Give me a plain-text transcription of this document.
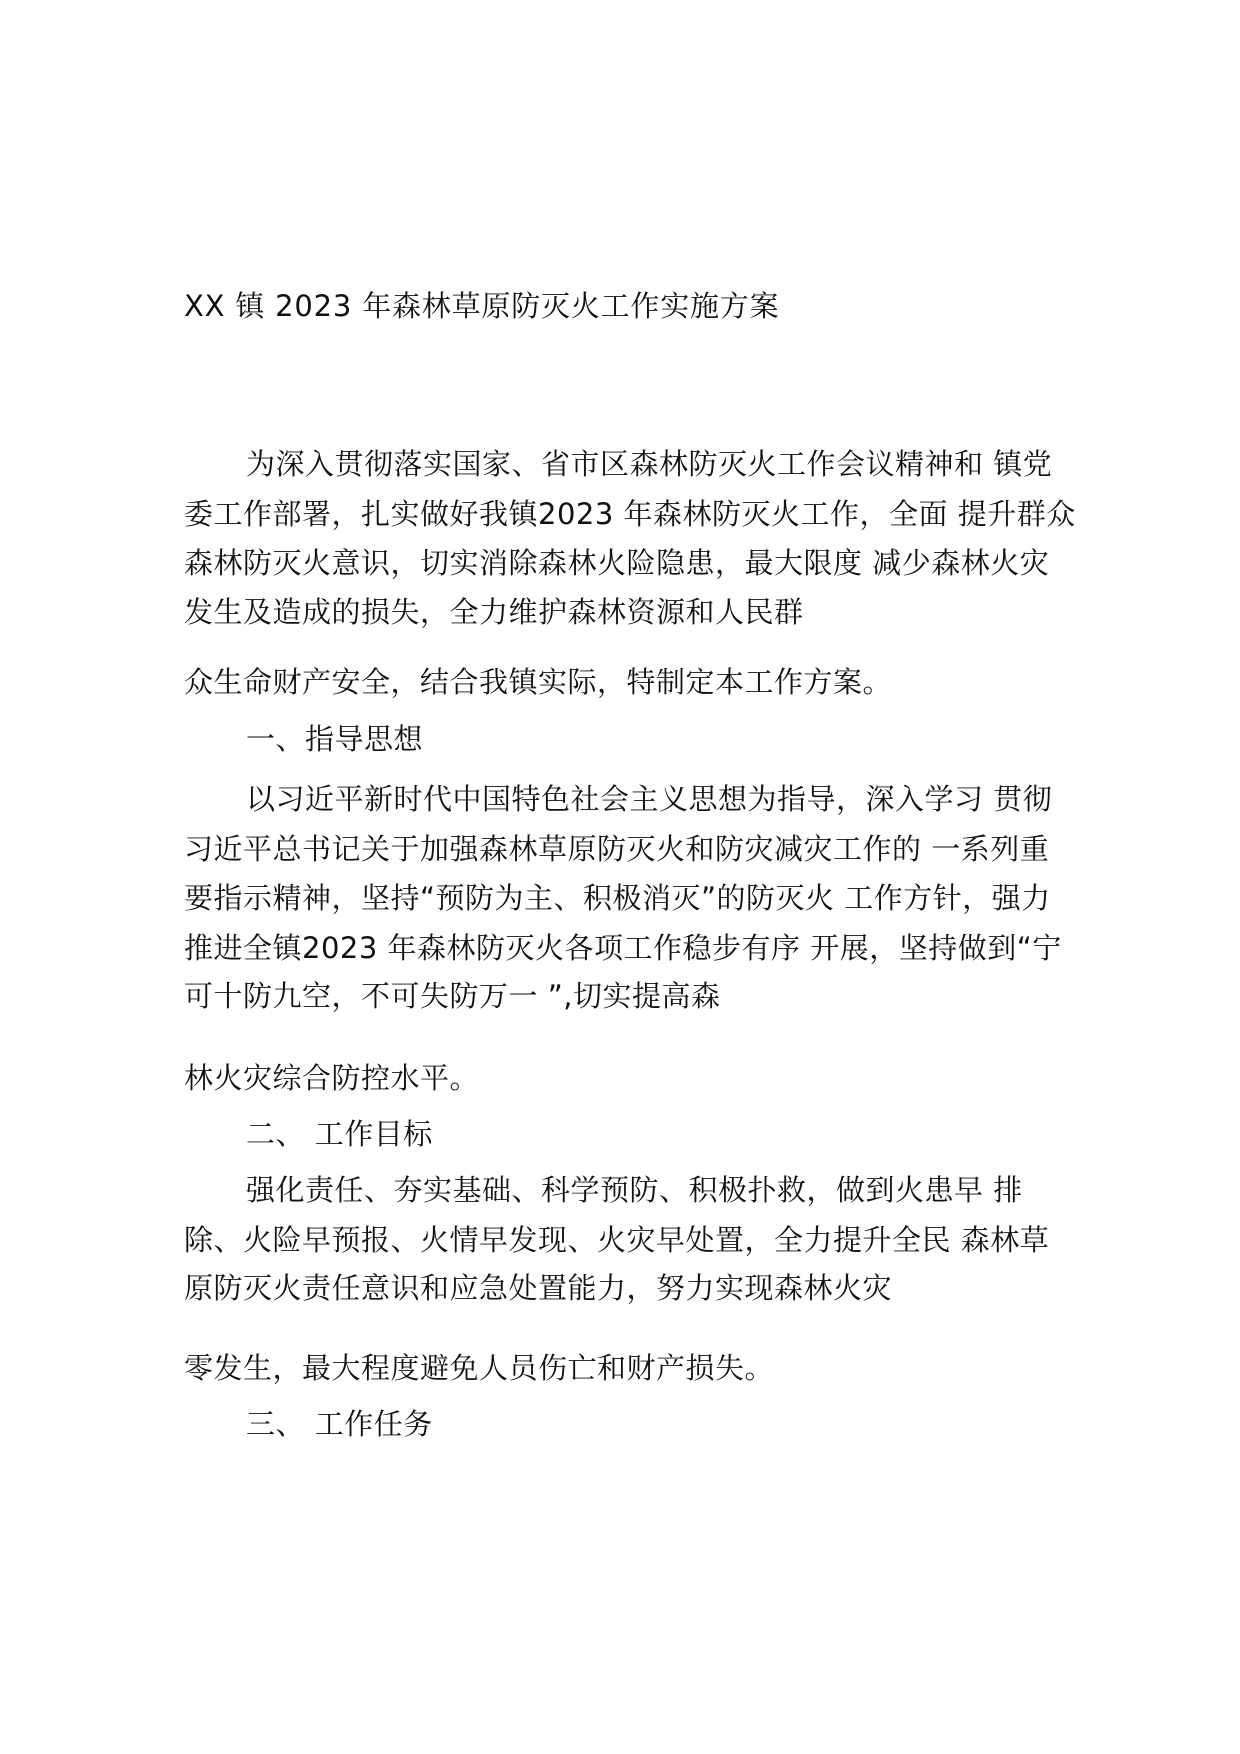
XX 镇 2023 年森林草原防灭火工作实施方案
为深入贯彻落实国家、省市区森林防灭火工作会议精神和 镇党
委工作部署，扎实做好我镇2023 年森林防灭火工作，全面 提升群众
森林防灭火意识，切实消除森林火险隐患，最大限度 减少森林火灾
发生及造成的损失，全力维护森林资源和人民群
众生命财产安全，结合我镇实际，特制定本工作方案。
一、指导思想
以习近平新时代中国特色社会主义思想为指导，深入学习 贯彻
习近平总书记关于加强森林草原防灭火和防灾减灾工作的 一系列重
要指示精神，坚持“预防为主、积极消灭”的防灭火 工作方针，强力
推进全镇2023 年森林防灭火各项工作稳步有序 开展，坚持做到“宁
可十防九空，不可失防万一 ”,切实提高森
林火灾综合防控水平。
二、 工作目标
强化责任、夯实基础、科学预防、积极扑救，做到火患早 排
除、火险早预报、火情早发现、火灾早处置，全力提升全民 森林草
原防灭火责任意识和应急处置能力，努力实现森林火灾
零发生，最大程度避免人员伤亡和财产损失。
三、 工作任务
